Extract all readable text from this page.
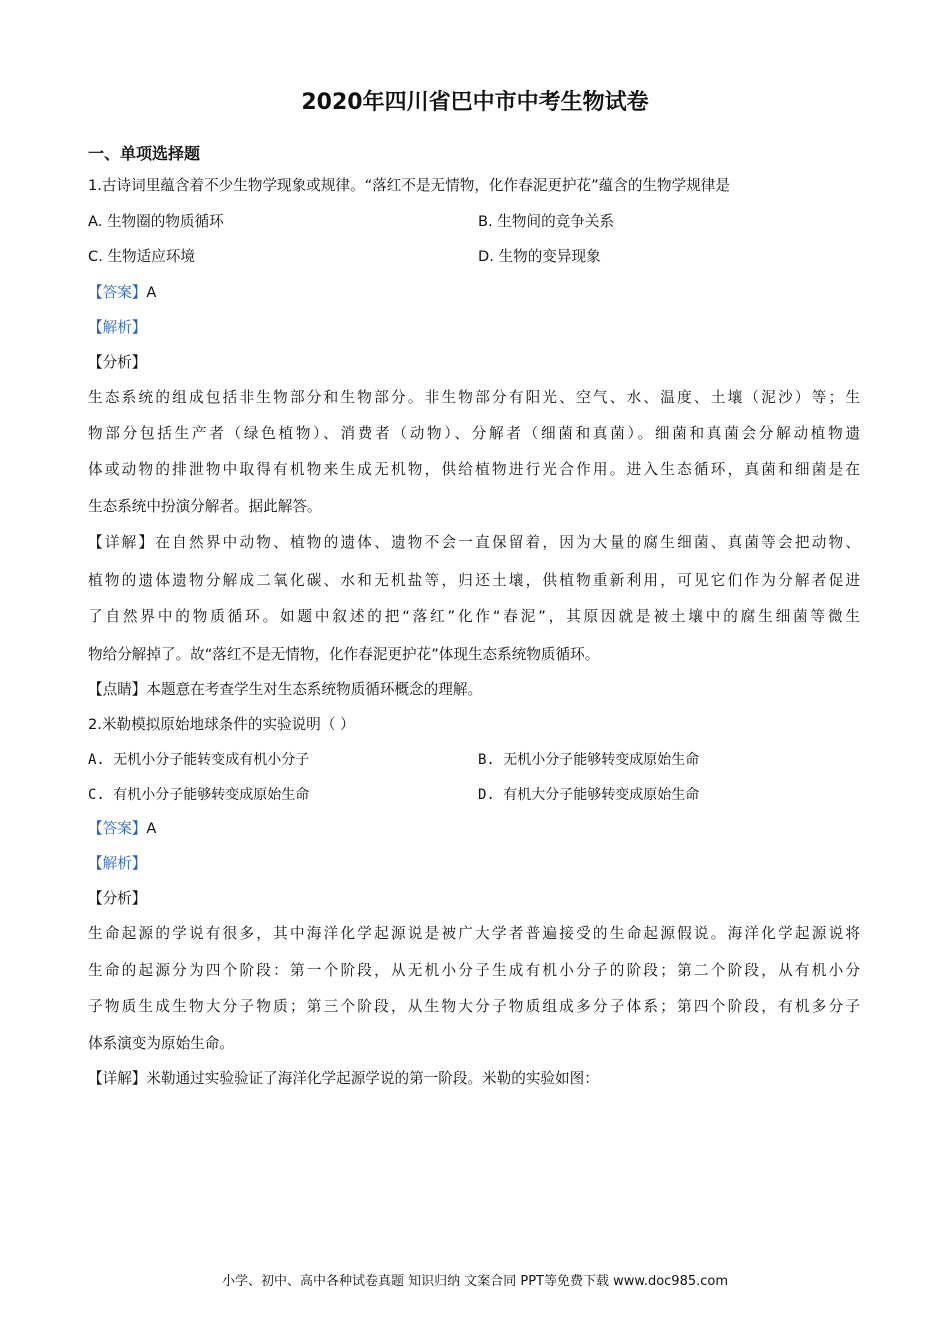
2020年四川省巴中市中考生物试卷
一、单项选择题
1.古诗词里蕴含着不少生物学现象或规律。“落红不是无情物，化作春泥更护花”蕴含的生物学规律是
A. 生物圈的物质循环	B. 生物间的竞争关系
C. 生物适应环境	D. 生物的变异现象
【答案】A
【解析】
【分析】
生态系统的组成包括非生物部分和生物部分。非生物部分有阳光、空气、水、温度、土壤（泥沙）等；生
物部分包括生产者（绿色植物）、消费者（动物）、分解者（细菌和真菌）。细菌和真菌会分解动植物遗
体或动物的排泄物中取得有机物来生成无机物，供给植物进行光合作用。进入生态循环，真菌和细菌是在
生态系统中扮演分解者。据此解答。
【详解】在自然界中动物、植物的遗体、遗物不会一直保留着，因为大量的腐生细菌、真菌等会把动物、
植物的遗体遗物分解成二氧化碳、水和无机盐等，归还土壤，供植物重新利用，可见它们作为分解者促进
了自然界中的物质循环。如题中叙述的把“落红”化作“春泥”，其原因就是被土壤中的腐生细菌等微生
物给分解掉了。故“落红不是无情物，化作春泥更护花”体现生态系统物质循环。
【点睛】本题意在考查学生对生态系统物质循环概念的理解。
2.米勒模拟原始地球条件的实验说明（ ）
A. 无机小分子能转变成有机小分子	B. 无机小分子能够转变成原始生命
C. 有机小分子能够转变成原始生命	D. 有机大分子能够转变成原始生命
【答案】A
【解析】
【分析】
生命起源的学说有很多，其中海洋化学起源说是被广大学者普遍接受的生命起源假说。海洋化学起源说将
生命的起源分为四个阶段：第一个阶段，从无机小分子生成有机小分子的阶段；第二个阶段，从有机小分
子物质生成生物大分子物质；第三个阶段，从生物大分子物质组成多分子体系；第四个阶段，有机多分子
体系演变为原始生命。
【详解】米勒通过实验验证了海洋化学起源学说的第一阶段。米勒的实验如图：
小学、初中、高中各种试卷真题 知识归纳 文案合同 PPT等免费下载 www.doc985.com
